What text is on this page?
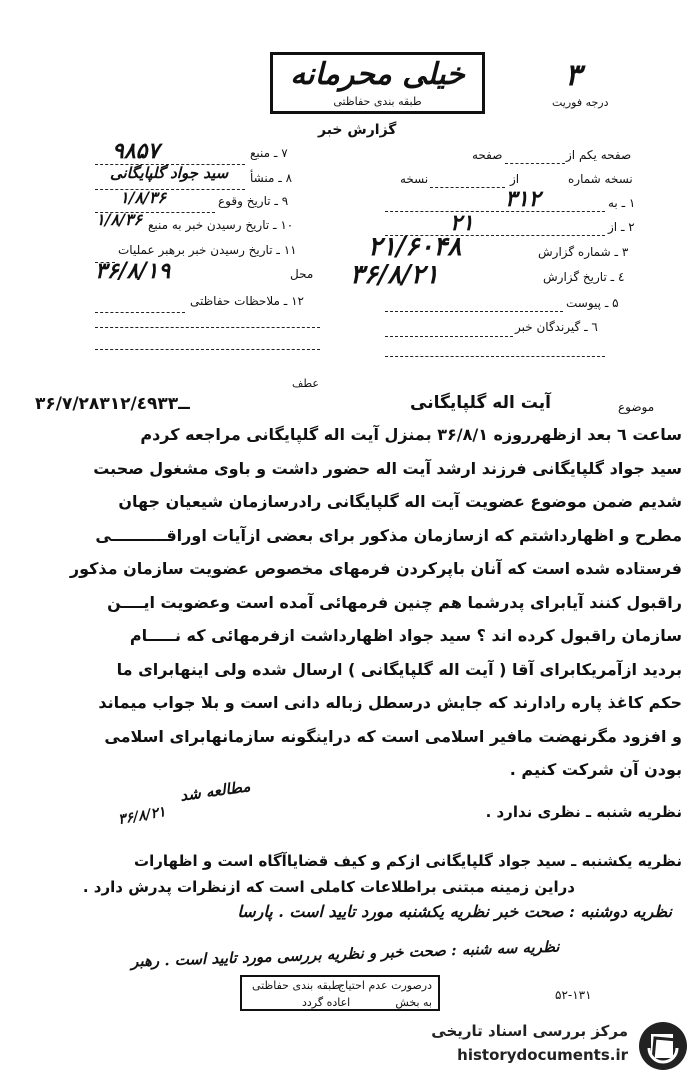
خیلی محرمانه
طبقه بندی حفاظتی
۳
درجه فوریت
گزارش خبر
۷ ـ منبع
۹۸۵۷
۸ ـ منشأ
سید جواد گلپایگانی
۹ ـ تاریخ وقوع
۱/۸/۳۶
۱۰ ـ تاریخ رسیدن خبر به منبع
۱/۸/۳۶
۱۱ ـ تاریخ رسیدن خبر برهبر عملیات
محل
۳۶/۸/۱۹
۱۲ ـ ملاحظات حفاظتی
صفحه یکم از
صفحه
نسخه شماره
از
نسخه
۱ ـ به
۳۱۲
۲ ـ از
۲۱
۳ ـ شماره گزارش
۲۱/۶۰۴۸
٤ ـ تاریخ گزارش
۳۶/۸/۲۱
۵ ـ پیوست
٦ ـ گیرندگان خبر
موضوع
آیت اله گلپایگانی
عطف
۳۶/۷/۲۸ــ۳۱۲/٤۹۳۳

ساعت ٦ بعد ازظهرروزه ۳۶/۸/۱ بمنزل آیت اله گلپایگانی مراجعه کردم

سید جواد گلپایگانی فرزند ارشد آیت اله حضور داشت و باوی مشغول صحبت

شدیم ضمن موضوع عضویت آیت اله گلپایگانی رادرسازمان شیعیان جهان

مطرح و اظهارداشتم که ازسازمان مذکور برای بعضی ازآیات اوراقــــــــــی

فرستاده شده است که آنان باپرکردن فرمهای مخصوص عضویت سازمان مذکور

راقبول کنند آیابرای پدرشما هم چنین فرمهائی آمده است وعضویت ایــــن

سازمان راقبول کرده اند ؟ سید جواد اظهارداشت ازفرمهائی که نـــــام

بردید ازآمریکابرای آقا ( آیت اله گلپایگانی ) ارسال شده ولی اینهابرای ما

حکم کاغذ پاره رادارند که جایش درسطل زباله دانی است و بلا جواب میماند

و افزود مگرنهضت مافیر اسلامی است که دراینگونه سازمانهابرای اسلامی

بودن آن شرکت کنیم .

مطالعه شد
۳۶/۸/۲۱	نظریه شنبه ـ نظری ندارد .
نظریه یکشنبه ـ سید جواد گلپایگانی ازکم و کیف قضایاآگاه است و اظهارات
دراین زمینه مبتنی براطلاعات کاملی است که ازنظرات پدرش دارد .
نظریه دوشنبه : صحت خبر نظریه یکشنبه مورد تایید است . پارسا
نظریه سه شنبه : صحت خبر و نظریه بررسی مورد تایید است . رهبر
درصورت عدم احتیاج
طبقه بندی حفاظتی
به بخش
اعاده گردد
۵۲-۱۳۱
مرکز بررسی اسناد تاریخی
historydocuments.ir
